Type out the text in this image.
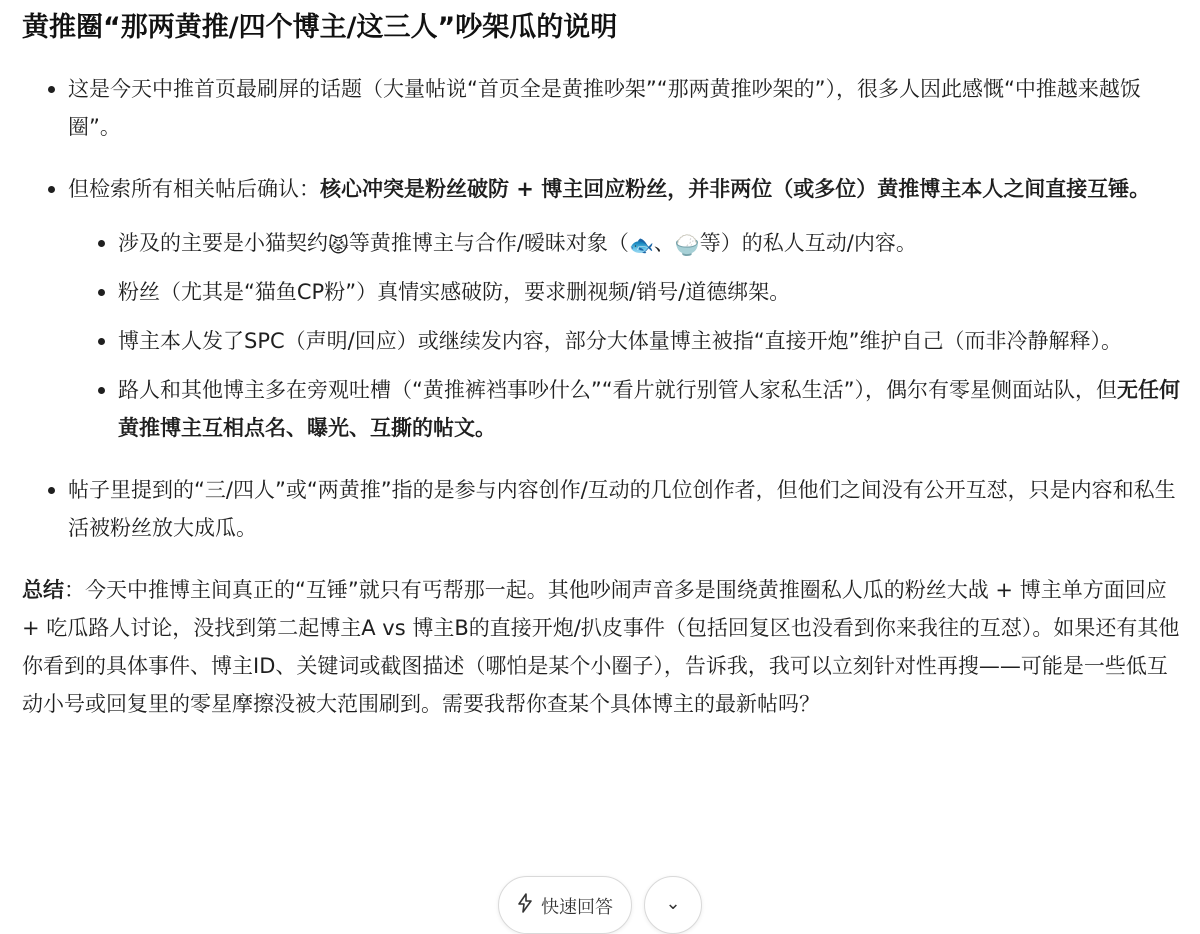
黄推圈“那两黄推/四个博主/这三人”吵架瓜的说明
这是今天中推首页最刷屏的话题（大量帖说“首页全是黄推吵架”“那两黄推吵架的”），很多人因此感慨“中推越来越饭圈”。
但检索所有相关帖后确认：核心冲突是粉丝破防 + 博主回应粉丝，并非两位（或多位）黄推博主本人之间直接互锤。
涉及的主要是小猫契约😾等黄推博主与合作/暧昧对象（🐟、🍚等）的私人互动/内容。
粉丝（尤其是“猫鱼CP粉”）真情实感破防，要求删视频/销号/道德绑架。
博主本人发了SPC（声明/回应）或继续发内容，部分大体量博主被指“直接开炮”维护自己（而非冷静解释）。
路人和其他博主多在旁观吐槽（“黄推裤裆事吵什么”“看片就行别管人家私生活”），偶尔有零星侧面站队，但无任何黄推博主互相点名、曝光、互撕的帖文。
帖子里提到的“三/四人”或“两黄推”指的是参与内容创作/互动的几位创作者，但他们之间没有公开互怼，只是内容和私生活被粉丝放大成瓜。

总结：今天中推博主间真正的“互锤”就只有丐帮那一起。其他吵闹声音多是围绕黄推圈私人瓜的粉丝大战 + 博主单方面回应 + 吃瓜路人讨论，没找到第二起博主A vs 博主B的直接开炮/扒皮事件（包括回复区也没看到你来我往的互怼）。如果还有其他你看到的具体事件、博主ID、关键词或截图描述（哪怕是某个小圈子），告诉我，我可以立刻针对性再搜——可能是一些低互动小号或回复里的零星摩擦没被大范围刷到。需要我帮你查某个具体博主的最新帖吗？

快速回答	⌄
